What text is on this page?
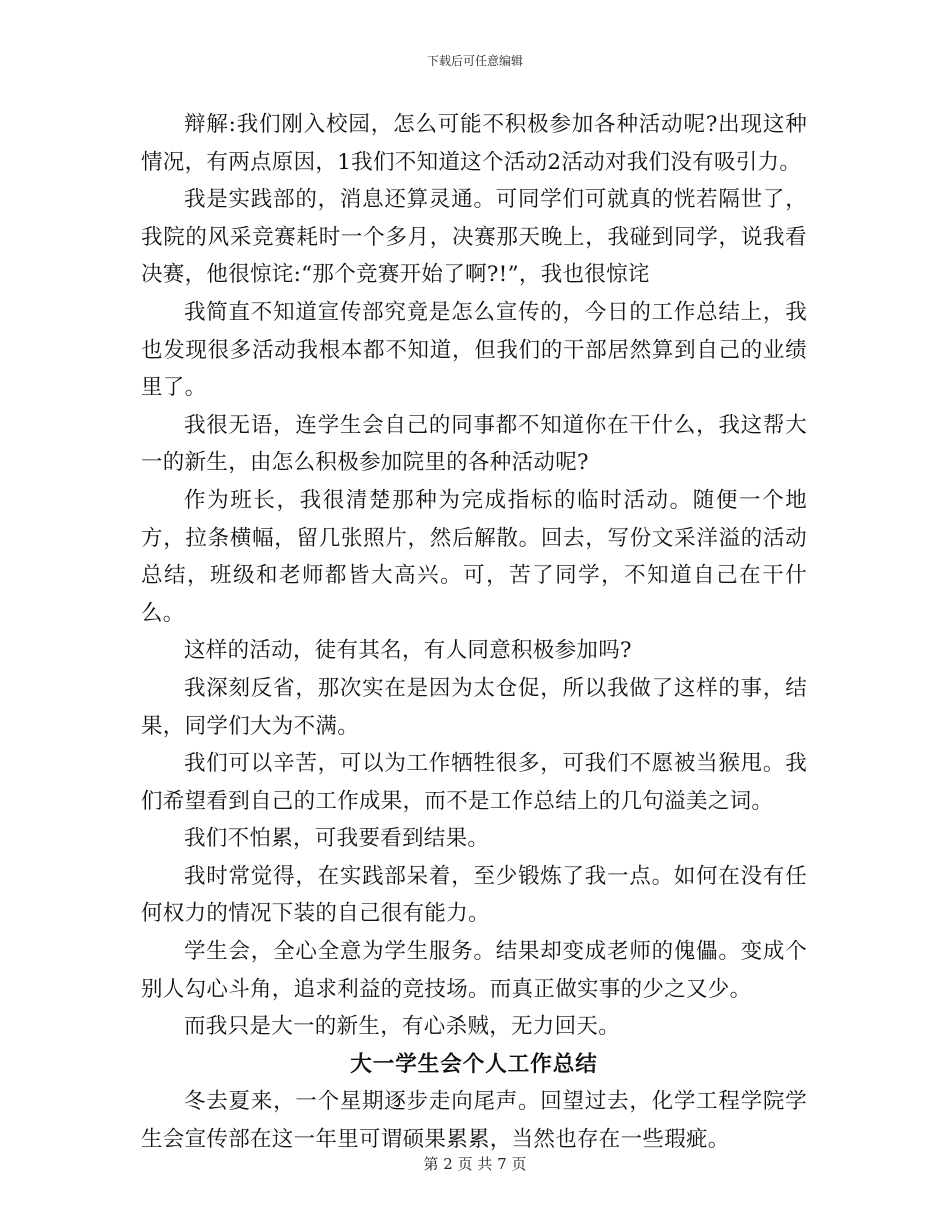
下载后可任意编辑

辩解:我们刚入校园，怎么可能不积极参加各种活动呢?出现这种情况，有两点原因，1我们不知道这个活动2活动对我们没有吸引力。

我是实践部的，消息还算灵通。可同学们可就真的恍若隔世了，我院的风采竞赛耗时一个多月，决赛那天晚上，我碰到同学，说我看决赛，他很惊诧:“那个竞赛开始了啊?!”，我也很惊诧

我简直不知道宣传部究竟是怎么宣传的，今日的工作总结上，我也发现很多活动我根本都不知道，但我们的干部居然算到自己的业绩里了。

我很无语，连学生会自己的同事都不知道你在干什么，我这帮大一的新生，由怎么积极参加院里的各种活动呢?

作为班长，我很清楚那种为完成指标的临时活动。随便一个地方，拉条横幅，留几张照片，然后解散。回去，写份文采洋溢的活动总结，班级和老师都皆大高兴。可，苦了同学，不知道自己在干什么。

这样的活动，徒有其名，有人同意积极参加吗?

我深刻反省，那次实在是因为太仓促，所以我做了这样的事，结果，同学们大为不满。

我们可以辛苦，可以为工作牺牲很多，可我们不愿被当猴甩。我们希望看到自己的工作成果，而不是工作总结上的几句溢美之词。

我们不怕累，可我要看到结果。

我时常觉得，在实践部呆着，至少锻炼了我一点。如何在没有任何权力的情况下装的自己很有能力。

学生会，全心全意为学生服务。结果却变成老师的傀儡。变成个别人勾心斗角，追求利益的竞技场。而真正做实事的少之又少。

而我只是大一的新生，有心杀贼，无力回天。

大一学生会个人工作总结

冬去夏来，一个星期逐步走向尾声。回望过去，化学工程学院学生会宣传部在这一年里可谓硕果累累，当然也存在一些瑕疵。

第 2 页 共 7 页
